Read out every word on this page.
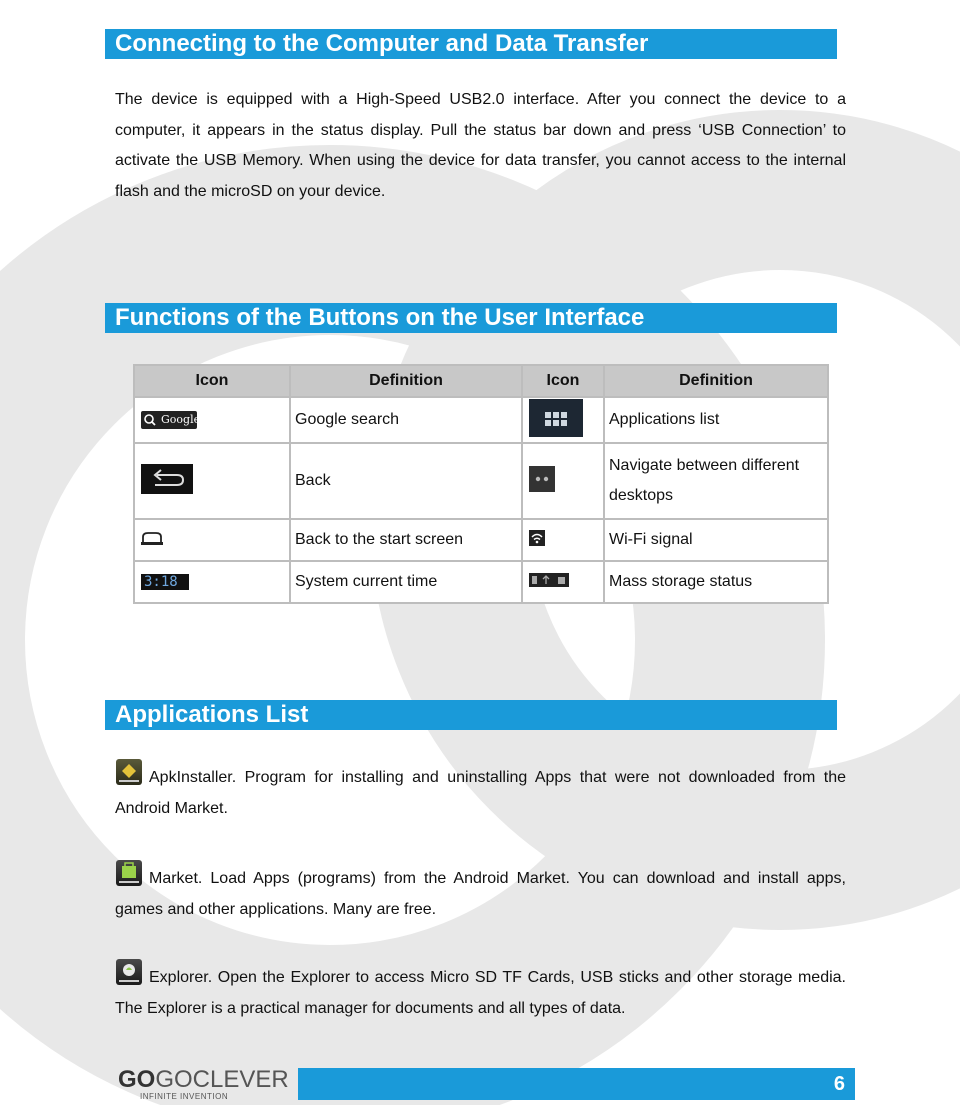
Connecting to the Computer and Data Transfer

The device is equipped with a High-Speed USB2.0 interface. After you connect the device to a computer, it appears in the status display. Pull the status bar down and press ‘USB Connection’ to activate the USB Memory. When using the device for data transfer, you cannot access to the internal flash and the microSD on your device.

Functions of the Buttons on the User Interface
Icon	Definition	Icon	Definition

Google	Google search		Applications list
	Back		Navigate between different desktops
	Back to the start screen		Wi-Fi signal

3:18	System current time		Mass storage status
Applications List

ApkInstaller. Program for installing and uninstalling Apps that were not downloaded from the Android Market.

Market. Load Apps (programs) from the Android Market. You can download and install apps, games and other applications. Many are free.

Explorer. Open the Explorer to access Micro SD TF Cards, USB sticks and other storage media. The Explorer is a practical manager for documents and all types of data.

GOGOCLEVER
INFINITE INVENTION
6
